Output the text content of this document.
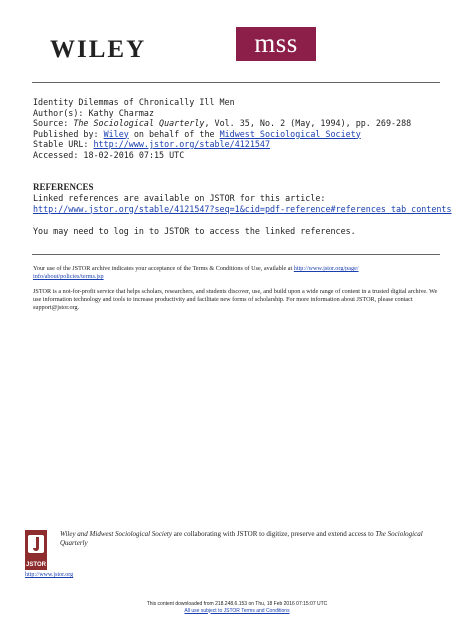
WILEY	mss
Identity Dilemmas of Chronically Ill Men
Author(s): Kathy Charmaz
Source: The Sociological Quarterly, Vol. 35, No. 2 (May, 1994), pp. 269-288
Published by: Wiley on behalf of the Midwest Sociological Society
Stable URL: http://www.jstor.org/stable/4121547
Accessed: 18-02-2016 07:15 UTC
REFERENCES
Linked references are available on JSTOR for this article:
http://www.jstor.org/stable/4121547?seq=1&cid=pdf-reference#references_tab_contents
You may need to log in to JSTOR to access the linked references.
Your use of the JSTOR archive indicates your acceptance of the Terms & Conditions of Use, available at http://www.jstor.org/page/
info/about/policies/terms.jsp
JSTOR is a not-for-profit service that helps scholars, researchers, and students discover, use, and build upon a wide range of content in a trusted digital archive. We use information technology and tools to increase productivity and facilitate new forms of scholarship. For more information about JSTOR, please contact support@jstor.org.
JSTOR
http://www.jstor.org
Wiley and Midwest Sociological Society are collaborating with JSTOR to digitize, preserve and extend access to The Sociological Quarterly
This content downloaded from 218.248.6.153 on Thu, 18 Feb 2016 07:15:07 UTC
All use subject to JSTOR Terms and Conditions
